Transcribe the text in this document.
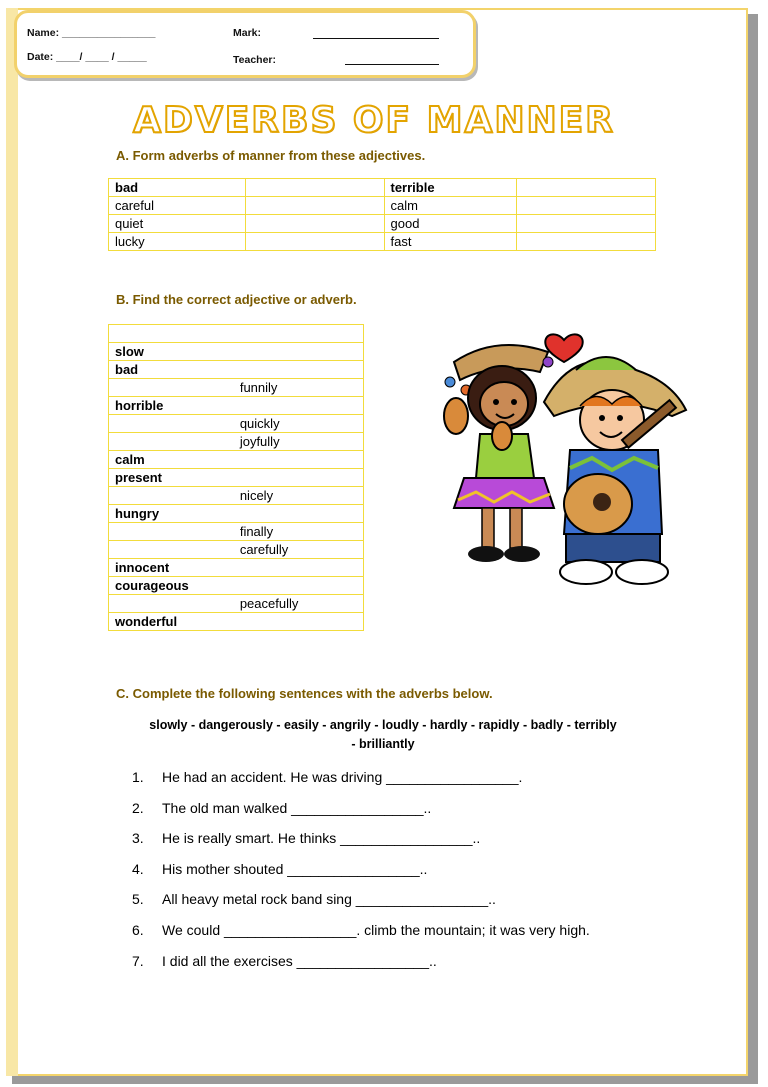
Name: ________________
Date: ____/ ____ / _____
Mark:
Teacher:
ADVERBS OF MANNER
A. Form adverbs of manner from these adjectives.
bad		terrible	
careful		calm	
quiet		good	
lucky		fast	
B. Find the correct adjective or adverb.

slow	
bad	
	funnily
horrible	
	quickly
	joyfully
calm	
present	
	nicely
hungry	
	finally
	carefully
innocent	
courageous	
	peacefully
wonderful	
C. Complete the following sentences with the adverbs below.
slowly - dangerously - easily - angrily - loudly - hardly - rapidly - badly - terribly
- brilliantly
1. He had an accident. He was driving _________________.
2. The old man walked _________________..
3. He is really smart. He thinks _________________..
4. His mother shouted _________________..
5. All heavy metal rock band sing _________________..
6. We could _________________. climb the mountain; it was very high.
7. I did all the exercises _________________..
